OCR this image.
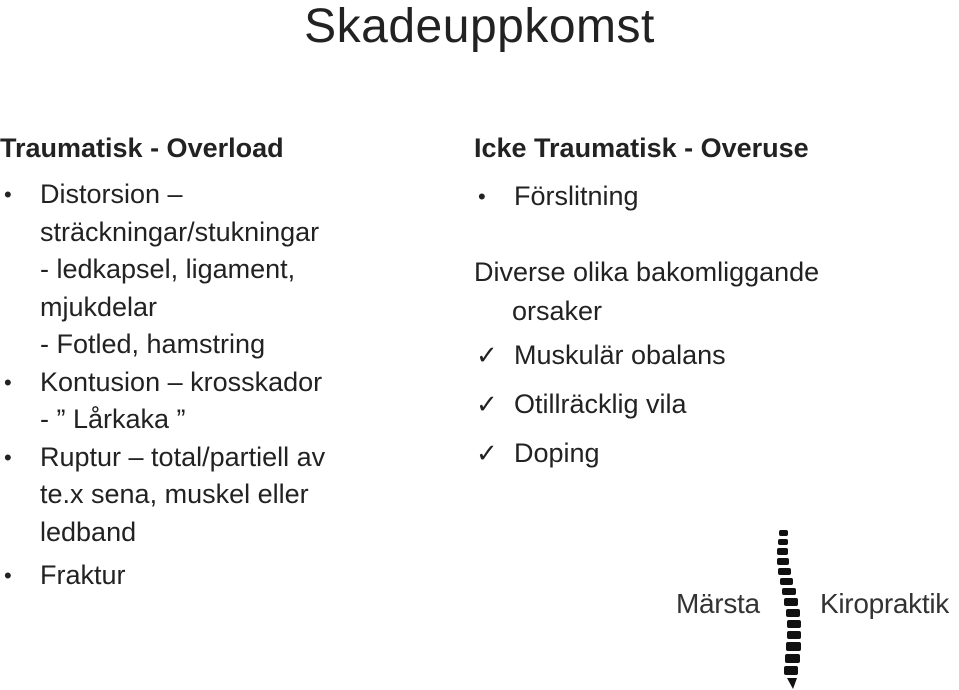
Skadeuppkomst
Traumatisk - Overload
• Distorsion –
sträckningar/stukningar
- ledkapsel, ligament,
mjukdelar
- Fotled, hamstring
• Kontusion – krosskador
- ” Lårkaka ”
• Ruptur – total/partiell av
te.x sena, muskel eller
ledband
• Fraktur
Icke Traumatisk - Overuse
• Förslitning
Diverse olika bakomliggande
orsaker
✓ Muskulär obalans
✓ Otillräcklig vila
✓ Doping
Märsta Kiropraktik
